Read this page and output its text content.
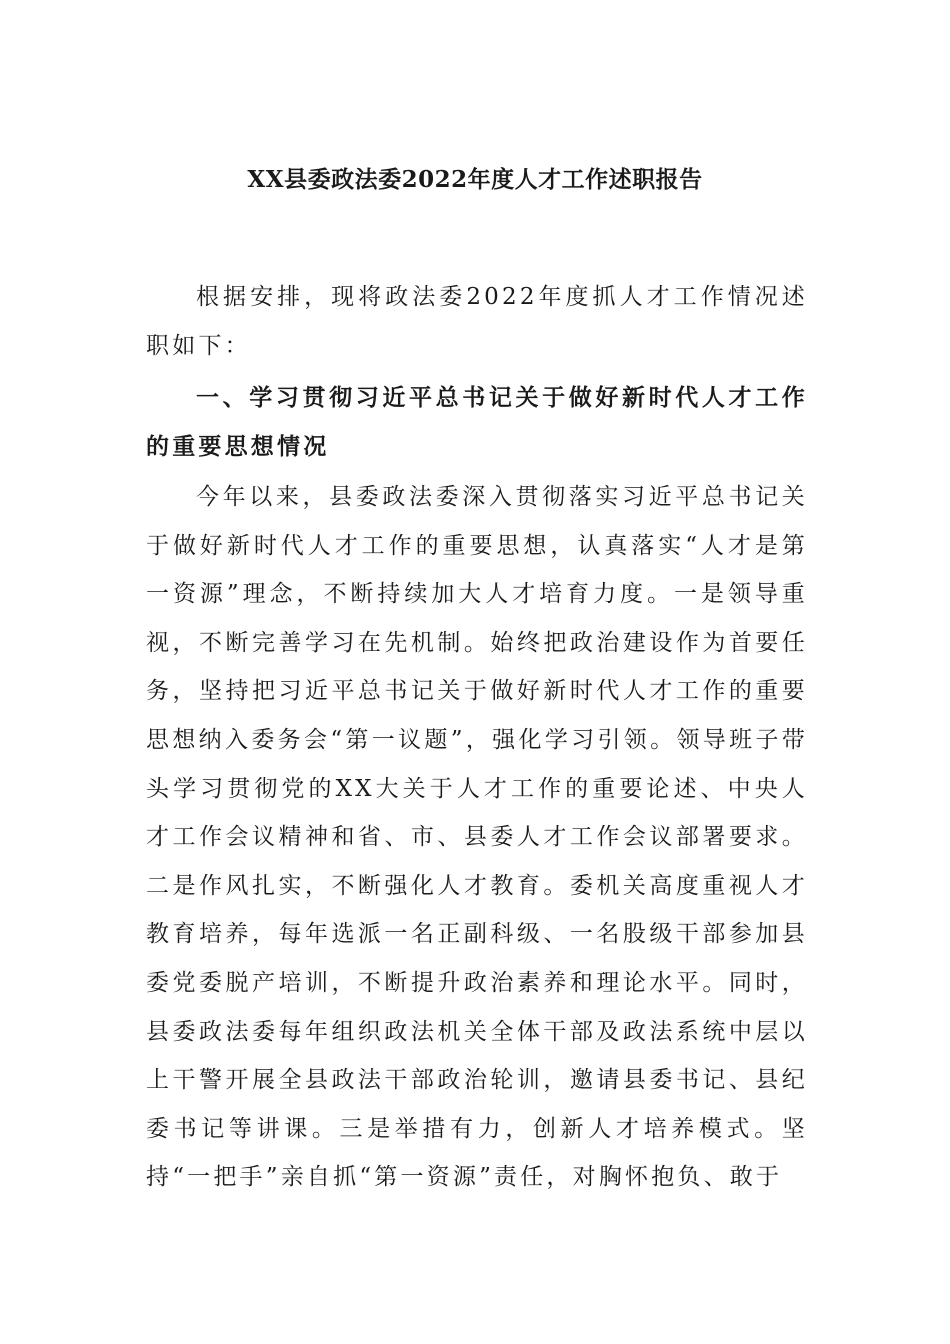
XX县委政法委2022年度人才工作述职报告

根据安排，现将政法委2022年度抓人才工作情况述职如下：

一、学习贯彻习近平总书记关于做好新时代人才工作的重要思想情况

今年以来，县委政法委深入贯彻落实习近平总书记关于做好新时代人才工作的重要思想，认真落实“人才是第一资源”理念，不断持续加大人才培育力度。一是领导重视，不断完善学习在先机制。始终把政治建设作为首要任务，坚持把习近平总书记关于做好新时代人才工作的重要思想纳入委务会“第一议题”，强化学习引领。领导班子带头学习贯彻党的XX大关于人才工作的重要论述、中央人才工作会议精神和省、市、县委人才工作会议部署要求。二是作风扎实，不断强化人才教育。委机关高度重视人才教育培养，每年选派一名正副科级、一名股级干部参加县委党委脱产培训，不断提升政治素养和理论水平。同时，县委政法委每年组织政法机关全体干部及政法系统中层以上干警开展全县政法干部政治轮训，邀请县委书记、县纪委书记等讲课。三是举措有力，创新人才培养模式。坚持“一把手”亲自抓“第一资源”责任，对胸怀抱负、敢于
